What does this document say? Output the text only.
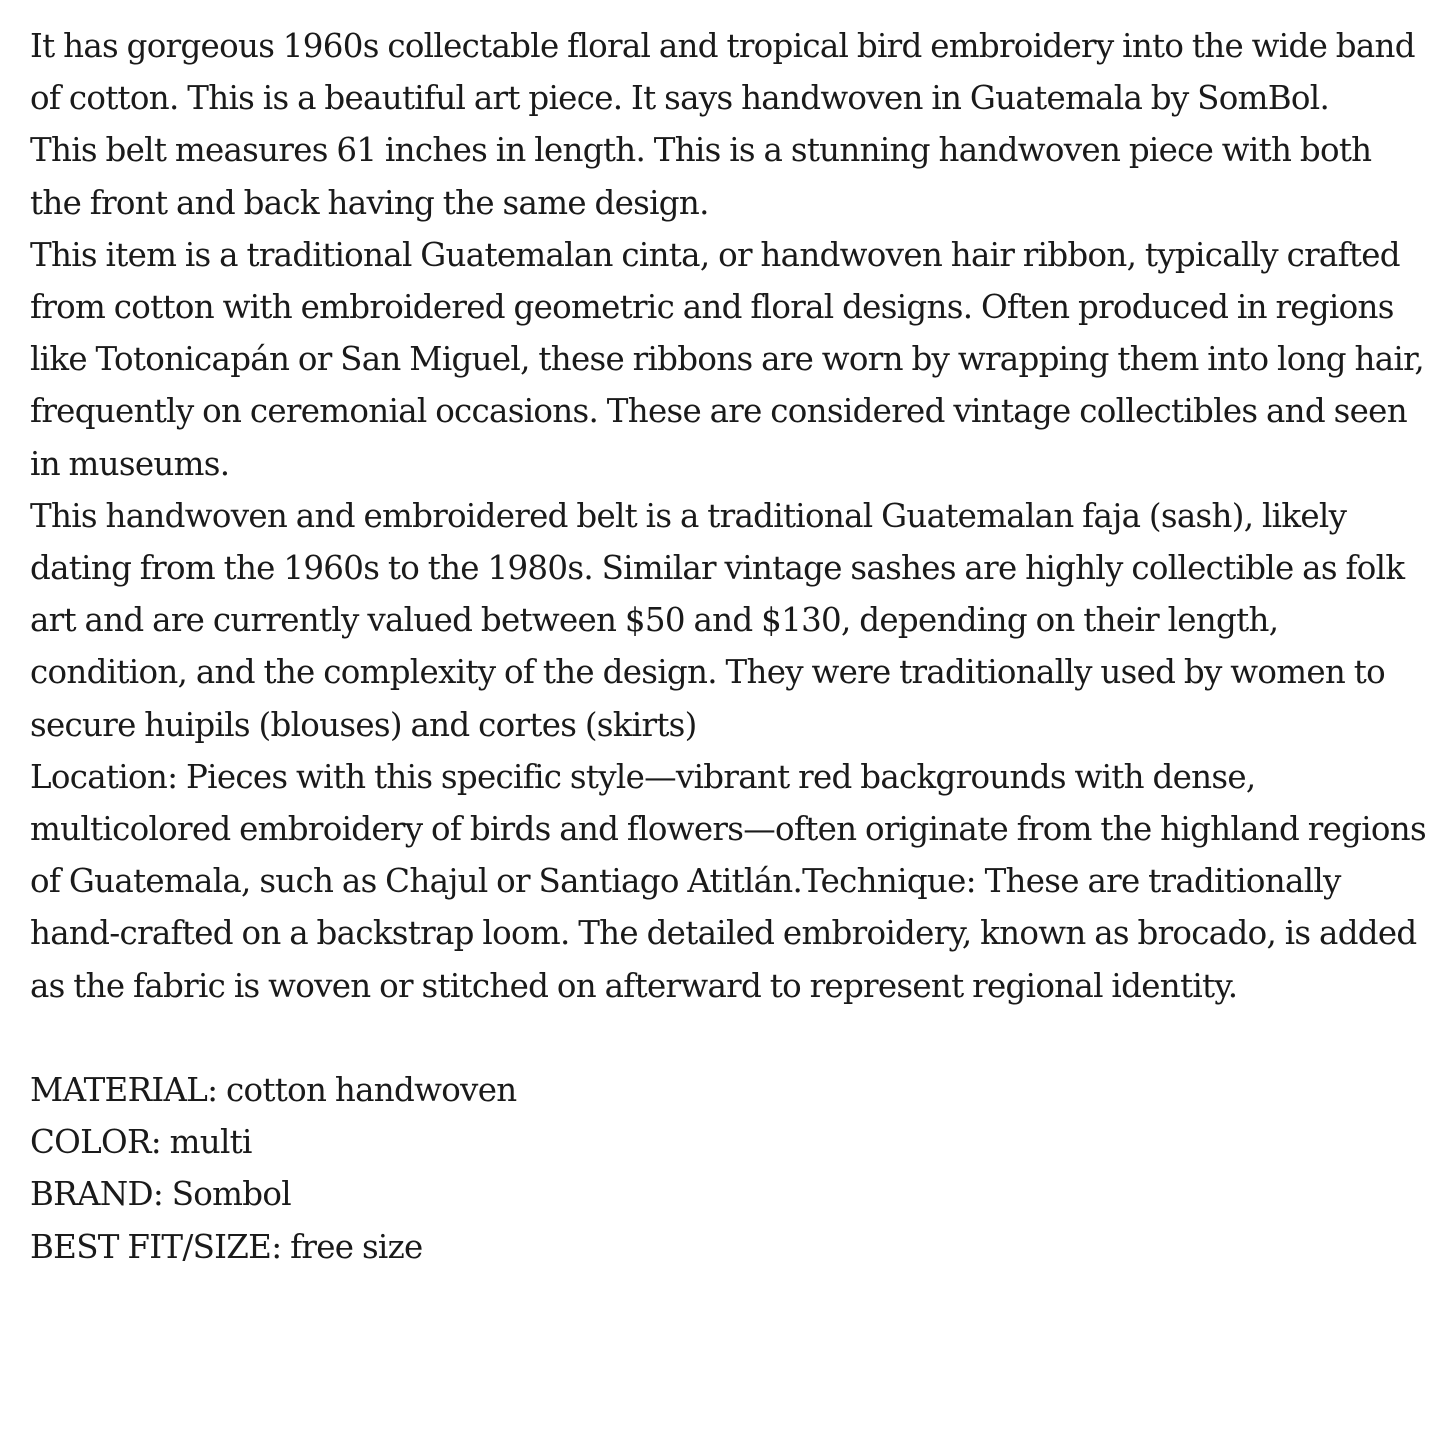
It has gorgeous 1960s collectable floral and tropical bird embroidery into the wide band of cotton. This is a beautiful art piece. It says handwoven in Guatemala by SomBol.

This belt measures 61 inches in length. This is a stunning handwoven piece with both the front and back having the same design.

This item is a traditional Guatemalan cinta, or handwoven hair ribbon, typically crafted from cotton with embroidered geometric and floral designs. Often produced in regions like Totonicapán or San Miguel, these ribbons are worn by wrapping them into long hair, frequently on ceremonial occasions. These are considered vintage collectibles and seen in museums.

This handwoven and embroidered belt is a traditional Guatemalan faja (sash), likely dating from the 1960s to the 1980s. Similar vintage sashes are highly collectible as folk art and are currently valued between $50 and $130, depending on their length, condition, and the complexity of the design. They were traditionally used by women to secure huipils (blouses) and cortes (skirts)

Location: Pieces with this specific style—vibrant red backgrounds with dense, multicolored embroidery of birds and flowers—often originate from the highland regions of Guatemala, such as Chajul or Santiago Atitlán.Technique: These are traditionally hand-crafted on a backstrap loom. The detailed embroidery, known as brocado, is added as the fabric is woven or stitched on afterward to represent regional identity.

MATERIAL: cotton handwoven

COLOR: multi

BRAND: Sombol

BEST FIT/SIZE: free size
